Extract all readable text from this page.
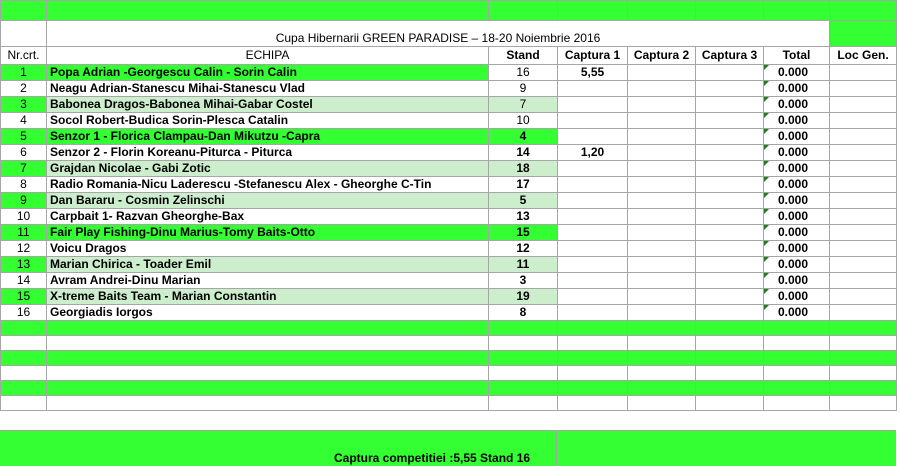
	Cupa Hibernarii GREEN PARADISE – 18-20 Noiembrie 2016						
Nr.crt.	ECHIPA	Stand	Captura 1	Captura 2	Captura 3	Total	Loc Gen.
1	Popa Adrian -Georgescu Calin - Sorin Calin	16	5,55			0.000	
2	Neagu Adrian-Stanescu Mihai-Stanescu Vlad	9				0.000	
3	Babonea Dragos-Babonea Mihai-Gabar Costel	7				0.000	
4	Socol Robert-Budica Sorin-Plesca Catalin	10				0.000	
5	Senzor 1 - Florica Clampau-Dan Mikutzu -Capra	4				0.000	
6	Senzor 2 - Florin Koreanu-Piturca - Piturca	14	1,20			0.000	
7	Grajdan Nicolae - Gabi Zotic	18				0.000	
8	Radio Romania-Nicu Laderescu -Stefanescu Alex - Gheorghe C-Tin	17				0.000	
9	Dan Bararu - Cosmin Zelinschi	5				0.000	
10	Carpbait 1- Razvan Gheorghe-Bax	13				0.000	
11	Fair Play Fishing-Dinu Marius-Tomy Baits-Otto	15				0.000	
12	Voicu Dragos	12				0.000	
13	Marian Chirica - Toader Emil	11				0.000	
14	Avram Andrei-Dinu Marian	3				0.000	
15	X-treme Baits Team - Marian Constantin	19				0.000	
16	Georgiadis Iorgos	8				0.000	

Captura competitiei :5,55 Stand 16
